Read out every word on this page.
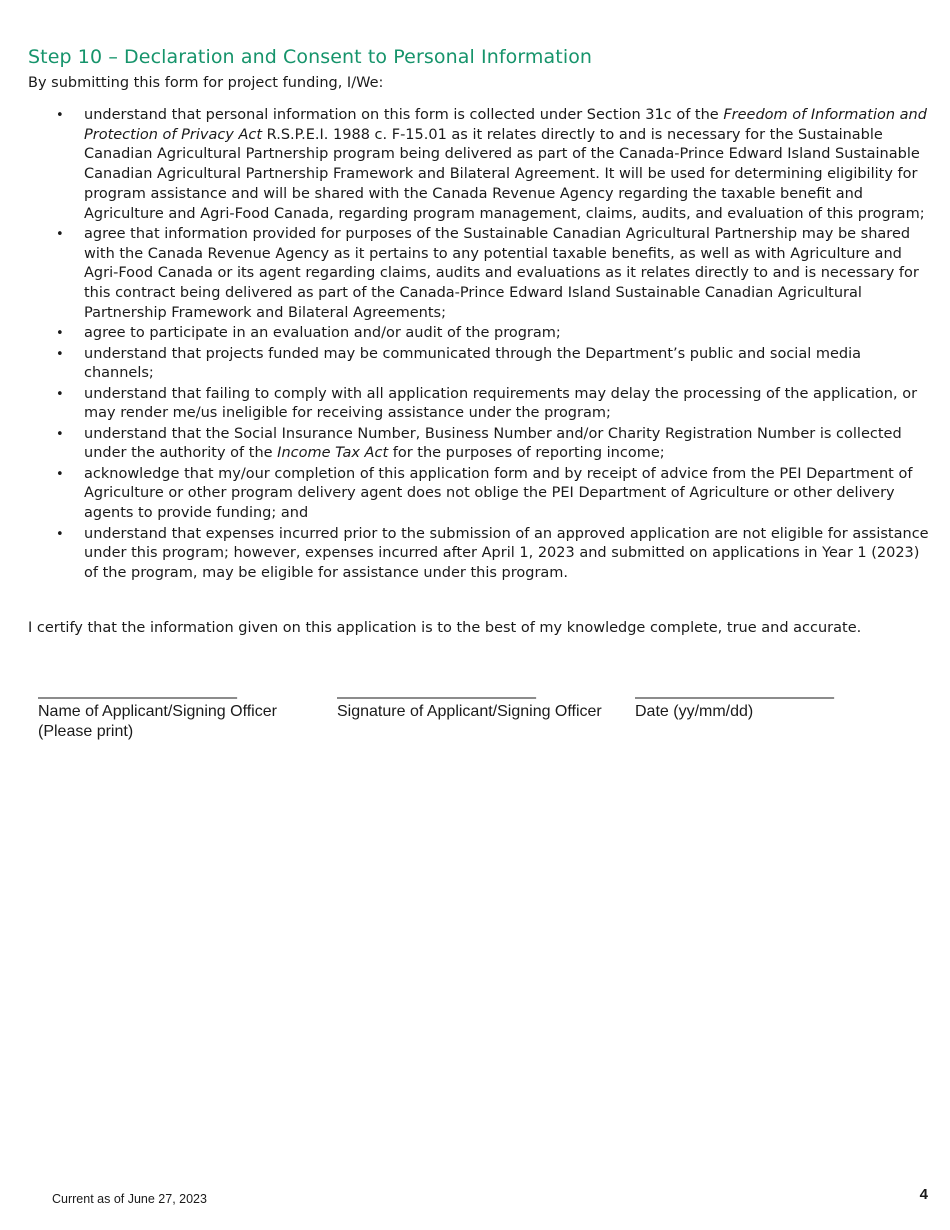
Step 10 – Declaration and Consent to Personal Information
By submitting this form for project funding, I/We:
• understand that personal information on this form is collected under Section 31c of the Freedom of Information and Protection of Privacy Act R.S.P.E.I. 1988 c. F-15.01 as it relates directly to and is necessary for the Sustainable Canadian Agricultural Partnership program being delivered as part of the Canada-Prince Edward Island Sustainable Canadian Agricultural Partnership Framework and Bilateral Agreement. It will be used for determining eligibility for program assistance and will be shared with the Canada Revenue Agency regarding the taxable benefit and Agriculture and Agri-Food Canada, regarding program management, claims, audits, and evaluation of this program;
• agree that information provided for purposes of the Sustainable Canadian Agricultural Partnership may be shared with the Canada Revenue Agency as it pertains to any potential taxable benefits, as well as with Agriculture and Agri-Food Canada or its agent regarding claims, audits and evaluations as it relates directly to and is necessary for this contract being delivered as part of the Canada-Prince Edward Island Sustainable Canadian Agricultural Partnership Framework and Bilateral Agreements;
• agree to participate in an evaluation and/or audit of the program;
• understand that projects funded may be communicated through the Department’s public and social media channels;
• understand that failing to comply with all application requirements may delay the processing of the application, or may render me/us ineligible for receiving assistance under the program;
• understand that the Social Insurance Number, Business Number and/or Charity Registration Number is collected under the authority of the Income Tax Act for the purposes of reporting income;
• acknowledge that my/our completion of this application form and by receipt of advice from the PEI Department of Agriculture or other program delivery agent does not oblige the PEI Department of Agriculture or other delivery agents to provide funding; and
• understand that expenses incurred prior to the submission of an approved application are not eligible for assistance under this program; however, expenses incurred after April 1, 2023 and submitted on applications in Year 1 (2023) of the program, may be eligible for assistance under this program.
I certify that the information given on this application is to the best of my knowledge complete, true and accurate.
_______________________________
Name of Applicant/Signing Officer (Please print)
_______________________________
Signature of Applicant/Signing Officer
_______________________________
Date (yy/mm/dd)
Current as of June 27, 2023	4
